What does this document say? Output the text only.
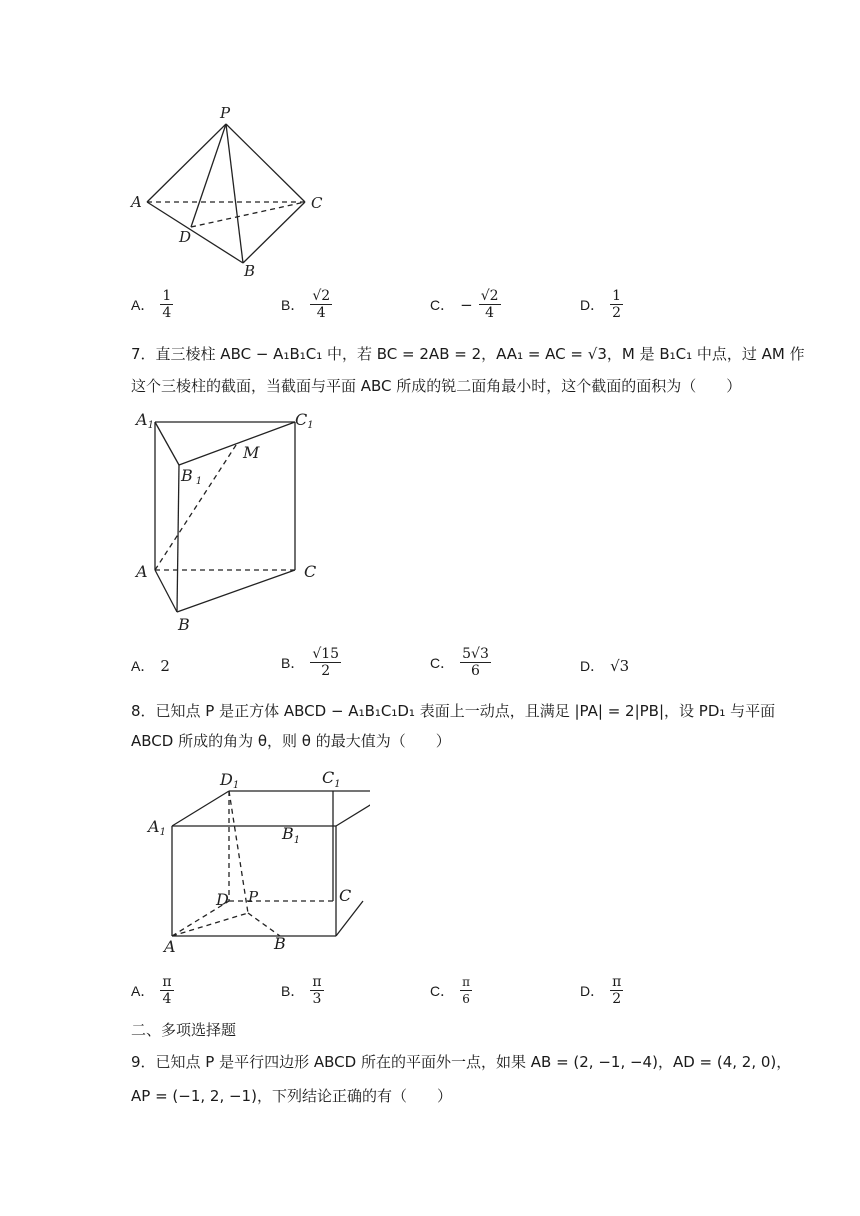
P
A	C
D
B
A． $\frac{1}{4}$	B． $\frac{√2}{4}$	C． − $\frac{√2}{4}$	D． $\frac{1}{2}$
7．直三棱柱 ABC − A₁B₁C₁ 中，若 BC = 2AB = 2，AA₁ = AC = √3，M 是 B₁C₁ 中点，过 AM 作
这个三棱柱的截面，当截面与平面 ABC 所成的锐二面角最小时，这个截面的面积为（　　）
A1	C1
B 1
M
A	C
B
A． 2	B． $\frac{√15}{2}$	C． $\frac{5√3}{6}$	D． √3
8．已知点 P 是正方体 ABCD − A₁B₁C₁D₁ 表面上一动点，且满足 |PA| = 2|PB|，设 PD₁ 与平面
ABCD 所成的角为 θ，则 θ 的最大值为（　　）
D1
A1
D P
A
$C_1$
$B_1$
C
B
A． $\frac{\pi}{4}$	B． $\frac{\pi}{3}$	C． $\frac{\pi}{6}$	D． $\frac{\pi}{2}$
二、多项选择题
9．已知点 P 是平行四边形 ABCD 所在的平面外一点，如果 AB = (2, −1, −4)，AD = (4, 2, 0)，
AP = (−1, 2, −1)，下列结论正确的有（　　）
